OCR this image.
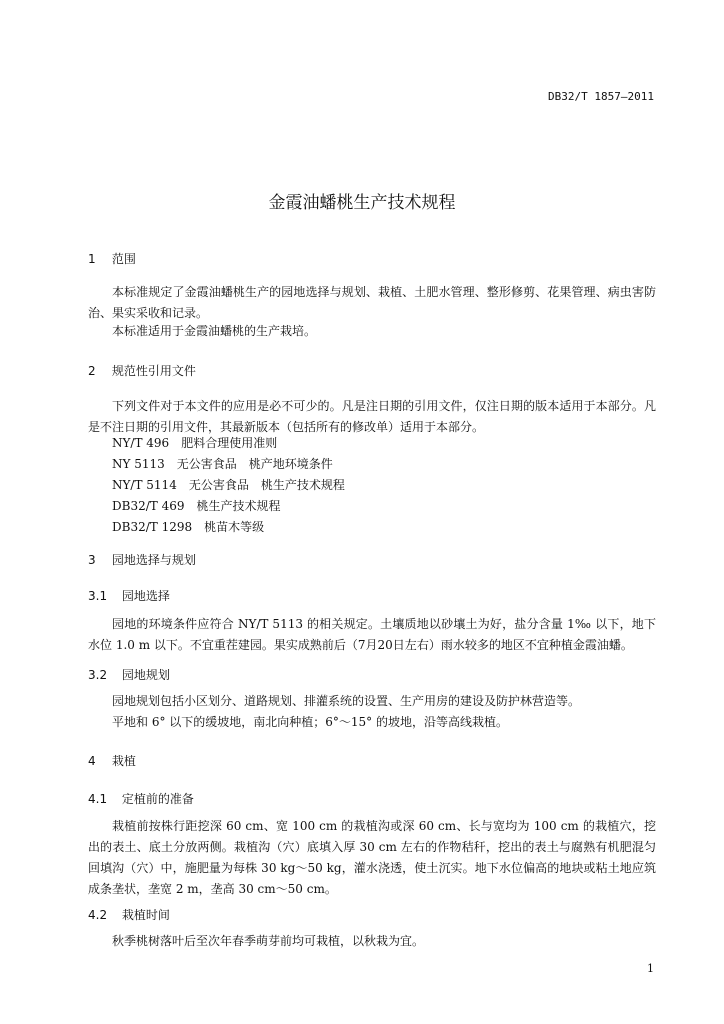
DB32/T 1857—2011
金霞油蟠桃生产技术规程
1 范围
本标准规定了金霞油蟠桃生产的园地选择与规划、栽植、土肥水管理、整形修剪、花果管理、病虫害防治、果实采收和记录。
本标准适用于金霞油蟠桃的生产栽培。
2 规范性引用文件
下列文件对于本文件的应用是必不可少的。凡是注日期的引用文件，仅注日期的版本适用于本部分。凡是不注日期的引用文件，其最新版本（包括所有的修改单）适用于本部分。
NY/T 496　肥料合理使用准则
NY 5113　无公害食品　桃产地环境条件
NY/T 5114　无公害食品　桃生产技术规程
DB32/T 469　桃生产技术规程
DB32/T 1298　桃苗木等级
3 园地选择与规划
3.1 园地选择
园地的环境条件应符合 NY/T 5113 的相关规定。土壤质地以砂壤土为好，盐分含量 1‰ 以下，地下水位 1.0 m 以下。不宜重茬建园。果实成熟前后（7月20日左右）雨水较多的地区不宜种植金霞油蟠。
3.2 园地规划
园地规划包括小区划分、道路规划、排灌系统的设置、生产用房的建设及防护林营造等。
平地和 6° 以下的缓坡地，南北向种植；6°～15° 的坡地，沿等高线栽植。
4 栽植
4.1 定植前的准备
栽植前按株行距挖深 60 cm、宽 100 cm 的栽植沟或深 60 cm、长与宽均为 100 cm 的栽植穴，挖出的表土、底土分放两侧。栽植沟（穴）底填入厚 30 cm 左右的作物秸秆，挖出的表土与腐熟有机肥混匀回填沟（穴）中，施肥量为每株 30 kg～50 kg，灌水浇透，使土沉实。地下水位偏高的地块或粘土地应筑成条垄状，垄宽 2 m，垄高 30 cm～50 cm。
4.2 栽植时间
秋季桃树落叶后至次年春季萌芽前均可栽植，以秋栽为宜。
1
